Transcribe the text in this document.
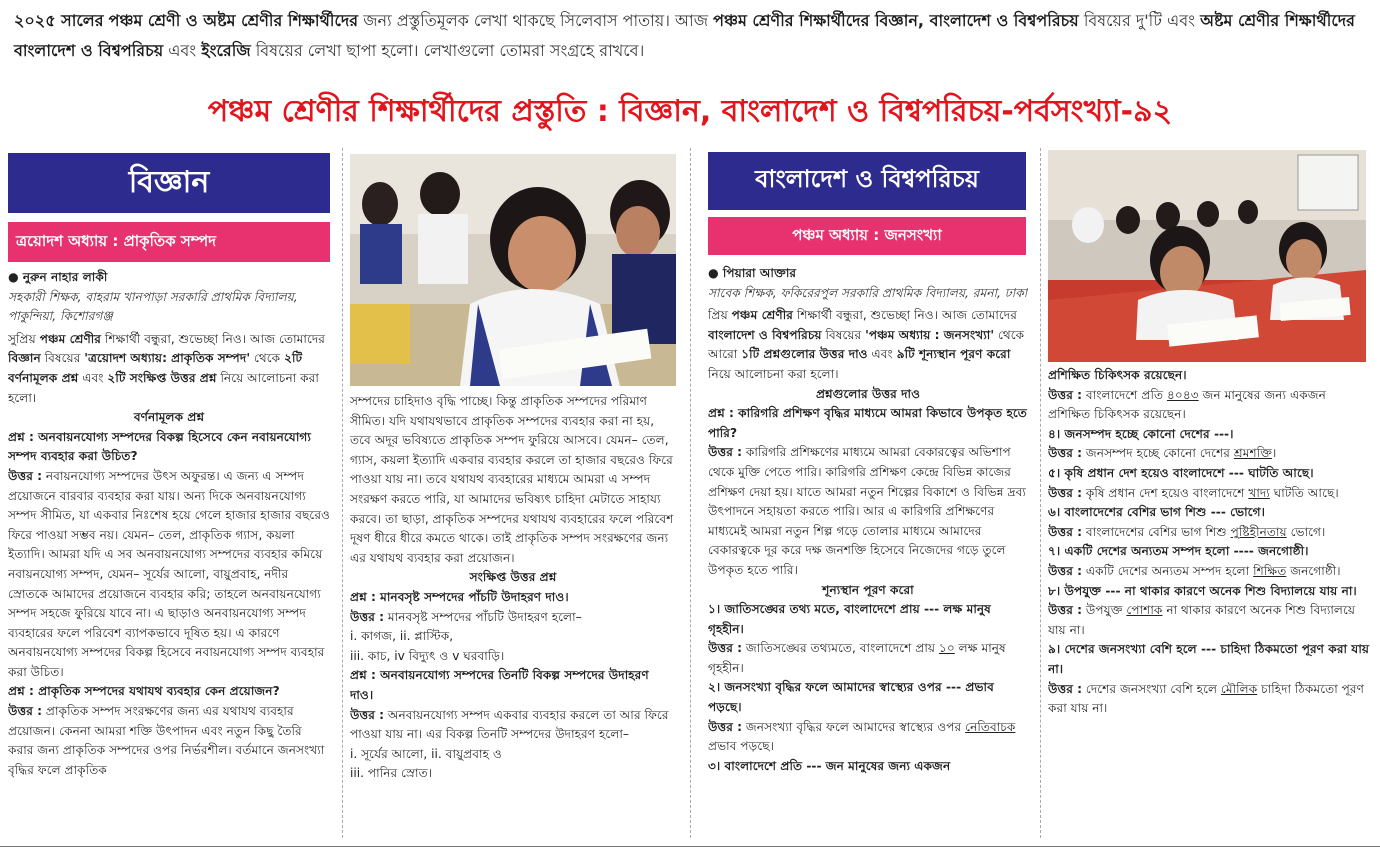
২০২৫ সালের পঞ্চম শ্রেণী ও অষ্টম শ্রেণীর শিক্ষার্থীদের জন্য প্রস্তুতিমূলক লেখা থাকছে সিলেবাস পাতায়। আজ পঞ্চম শ্রেণীর শিক্ষার্থীদের বিজ্ঞান, বাংলাদেশ ও বিশ্বপরিচয় বিষয়ের দু'টি এবং অষ্টম শ্রেণীর শিক্ষার্থীদের বাংলাদেশ ও বিশ্বপরিচয় এবং ইংরেজি বিষয়ের লেখা ছাপা হলো। লেখাগুলো তোমরা সংগ্রহে রাখবে।
পঞ্চম শ্রেণীর শিক্ষার্থীদের প্রস্তুতি : বিজ্ঞান, বাংলাদেশ ও বিশ্বপরিচয়-পর্বসংখ্যা-৯২
বিজ্ঞান
ত্রয়োদশ অধ্যায় : প্রাকৃতিক সম্পদ

● নুরুন নাহার লাকী

সহকারী শিক্ষক, বাহরাম খানপাড়া সরকারি প্রাথমিক বিদ্যালয়, পাকুন্দিয়া, কিশোরগঞ্জ

সুপ্রিয় পঞ্চম শ্রেণীর শিক্ষার্থী বন্ধুরা, শুভেচ্ছা নিও। আজ তোমাদের বিজ্ঞান বিষয়ের 'ত্রয়োদশ অধ্যায়: প্রাকৃতিক সম্পদ' থেকে ২টি বর্ণনামূলক প্রশ্ন এবং ২টি সংক্ষিপ্ত উত্তর প্রশ্ন নিয়ে আলোচনা করা হলো।

বর্ণনামূলক প্রশ্ন

প্রশ্ন : অনবায়নযোগ্য সম্পদের বিকল্প হিসেবে কেন নবায়নযোগ্য সম্পদ ব্যবহার করা উচিত?

উত্তর : নবায়নযোগ্য সম্পদের উৎস অফুরন্ত। এ জন্য এ সম্পদ প্রয়োজনে বারবার ব্যবহার করা যায়। অন্য দিকে অনবায়নযোগ্য সম্পদ সীমিত, যা একবার নিঃশেষ হয়ে গেলে হাজার হাজার বছরেও ফিরে পাওয়া সম্ভব নয়। যেমন– তেল, প্রাকৃতিক গ্যাস, কয়লা ইত্যাদি। আমরা যদি এ সব অনবায়নযোগ্য সম্পদের ব্যবহার কমিয়ে নবায়নযোগ্য সম্পদ, যেমন– সূর্যের আলো, বায়ুপ্রবাহ, নদীর স্রোতকে আমাদের প্রয়োজনে ব্যবহার করি; তাহলে অনবায়নযোগ্য সম্পদ সহজে ফুরিয়ে যাবে না। এ ছাড়াও অনবায়নযোগ্য সম্পদ ব্যবহারের ফলে পরিবেশ ব্যাপকভাবে দূষিত হয়। এ কারণে অনবায়নযোগ্য সম্পদের বিকল্প হিসেবে নবায়নযোগ্য সম্পদ ব্যবহার করা উচিত।

প্রশ্ন : প্রাকৃতিক সম্পদের যথাযথ ব্যবহার কেন প্রয়োজন?

উত্তর : প্রাকৃতিক সম্পদ সংরক্ষণের জন্য এর যথাযথ ব্যবহার প্রয়োজন। কেননা আমরা শক্তি উৎপাদন এবং নতুন কিছু তৈরি করার জন্য প্রাকৃতিক সম্পদের ওপর নির্ভরশীল। বর্তমানে জনসংখ্যা বৃদ্ধির ফলে প্রাকৃতিক

সম্পদের চাহিদাও বৃদ্ধি পাচ্ছে। কিন্তু প্রাকৃতিক সম্পদের পরিমাণ সীমিত। যদি যথাযথভাবে প্রাকৃতিক সম্পদের ব্যবহার করা না হয়, তবে অদূর ভবিষ্যতে প্রাকৃতিক সম্পদ ফুরিয়ে আসবে। যেমন– তেল, গ্যাস, কয়লা ইত্যাদি একবার ব্যবহার করলে তা হাজার বছরেও ফিরে পাওয়া যায় না। তবে যথাযথ ব্যবহারের মাধ্যমে আমরা এ সম্পদ সংরক্ষণ করতে পারি, যা আমাদের ভবিষ্যৎ চাহিদা মেটাতে সাহায্য করবে। তা ছাড়া, প্রাকৃতিক সম্পদের যথাযথ ব্যবহারের ফলে পরিবেশ দূষণ ধীরে ধীরে কমতে থাকে। তাই প্রাকৃতিক সম্পদ সংরক্ষণের জন্য এর যথাযথ ব্যবহার করা প্রয়োজন।

সংক্ষিপ্ত উত্তর প্রশ্ন

প্রশ্ন : মানবসৃষ্ট সম্পদের পাঁচটি উদাহরণ দাও।

উত্তর : মানবসৃষ্ট সম্পদের পাঁচটি উদাহরণ হলো–

i. কাগজ, ii. প্লাস্টিক,

iii. কাচ, iv বিদ্যুৎ ও v ঘরবাড়ি।

প্রশ্ন : অনবায়নযোগ্য সম্পদের তিনটি বিকল্প সম্পদের উদাহরণ দাও।

উত্তর : অনবায়নযোগ্য সম্পদ একবার ব্যবহার করলে তা আর ফিরে পাওয়া যায় না। এর বিকল্প তিনটি সম্পদের উদাহরণ হলো–

i. সূর্যের আলো, ii. বায়ুপ্রবাহ ও

iii. পানির স্রোত।

বাংলাদেশ ও বিশ্বপরিচয়
পঞ্চম অধ্যায় : জনসংখ্যা

● পিয়ারা আক্তার

সাবেক শিক্ষক, ফকিরেরপুল সরকারি প্রাথমিক বিদ্যালয়, রমনা, ঢাকা

প্রিয় পঞ্চম শ্রেণীর শিক্ষার্থী বন্ধুরা, শুভেচ্ছা নিও। আজ তোমাদের বাংলাদেশ ও বিশ্বপরিচয় বিষয়ের 'পঞ্চম অধ্যায় : জনসংখ্যা' থেকে আরো ১টি প্রশ্নগুলোর উত্তর দাও এবং ৯টি শূন্যস্থান পূরণ করো নিয়ে আলোচনা করা হলো।

প্রশ্নগুলোর উত্তর দাও

প্রশ্ন : কারিগরি প্রশিক্ষণ বৃদ্ধির মাধ্যমে আমরা কিভাবে উপকৃত হতে পারি?

উত্তর : কারিগরি প্রশিক্ষণের মাধ্যমে আমরা বেকারত্বের অভিশাপ থেকে মুক্তি পেতে পারি। কারিগরি প্রশিক্ষণ কেন্দ্রে বিভিন্ন কাজের প্রশিক্ষণ দেয়া হয়। যাতে আমরা নতুন শিল্পের বিকাশে ও বিভিন্ন দ্রব্য উৎপাদনে সহায়তা করতে পারি। আর এ কারিগরি প্রশিক্ষণের মাধ্যমেই আমরা নতুন শিল্প গড়ে তোলার মাধ্যমে আমাদের বেকারত্বকে দূর করে দক্ষ জনশক্তি হিসেবে নিজেদের গড়ে তুলে উপকৃত হতে পারি।

শূন্যস্থান পূরণ করো

১। জাতিসঙ্ঘের তথ্য মতে, বাংলাদেশে প্রায় --- লক্ষ মানুষ গৃহহীন।

উত্তর : জাতিসঙ্ঘের তথ্যমতে, বাংলাদেশে প্রায় ১০ লক্ষ মানুষ গৃহহীন।

২। জনসংখ্যা বৃদ্ধির ফলে আমাদের স্বাস্থ্যের ওপর --- প্রভাব পড়ছে।

উত্তর : জনসংখ্যা বৃদ্ধির ফলে আমাদের স্বাস্থ্যের ওপর নেতিবাচক প্রভাব পড়ছে।

৩। বাংলাদেশে প্রতি --- জন মানুষের জন্য একজন

প্রশিক্ষিত চিকিৎসক রয়েছেন।

উত্তর : বাংলাদেশে প্রতি ৪০৪৩ জন মানুষের জন্য একজন প্রশিক্ষিত চিকিৎসক রয়েছেন।

৪। জনসম্পদ হচ্ছে কোনো দেশের ---।

উত্তর : জনসম্পদ হচ্ছে কোনো দেশের শ্রমশক্তি।

৫। কৃষি প্রধান দেশ হয়েও বাংলাদেশে --- ঘাটতি আছে।

উত্তর : কৃষি প্রধান দেশ হয়েও বাংলাদেশে খাদ্য ঘাটতি আছে।

৬। বাংলাদেশের বেশির ভাগ শিশু --- ভোগে।

উত্তর : বাংলাদেশের বেশির ভাগ শিশু পুষ্টিহীনতায় ভোগে।

৭। একটি দেশের অন্যতম সম্পদ হলো ---- জনগোষ্ঠী।

উত্তর : একটি দেশের অন্যতম সম্পদ হলো শিক্ষিত জনগোষ্ঠী।

৮। উপযুক্ত --- না থাকার কারণে অনেক শিশু বিদ্যালয়ে যায় না।

উত্তর : উপযুক্ত পোশাক না থাকার কারণে অনেক শিশু বিদ্যালয়ে যায় না।

৯। দেশের জনসংখ্যা বেশি হলে --- চাহিদা ঠিকমতো পূরণ করা যায় না।

উত্তর : দেশের জনসংখ্যা বেশি হলে মৌলিক চাহিদা ঠিকমতো পূরণ করা যায় না।
